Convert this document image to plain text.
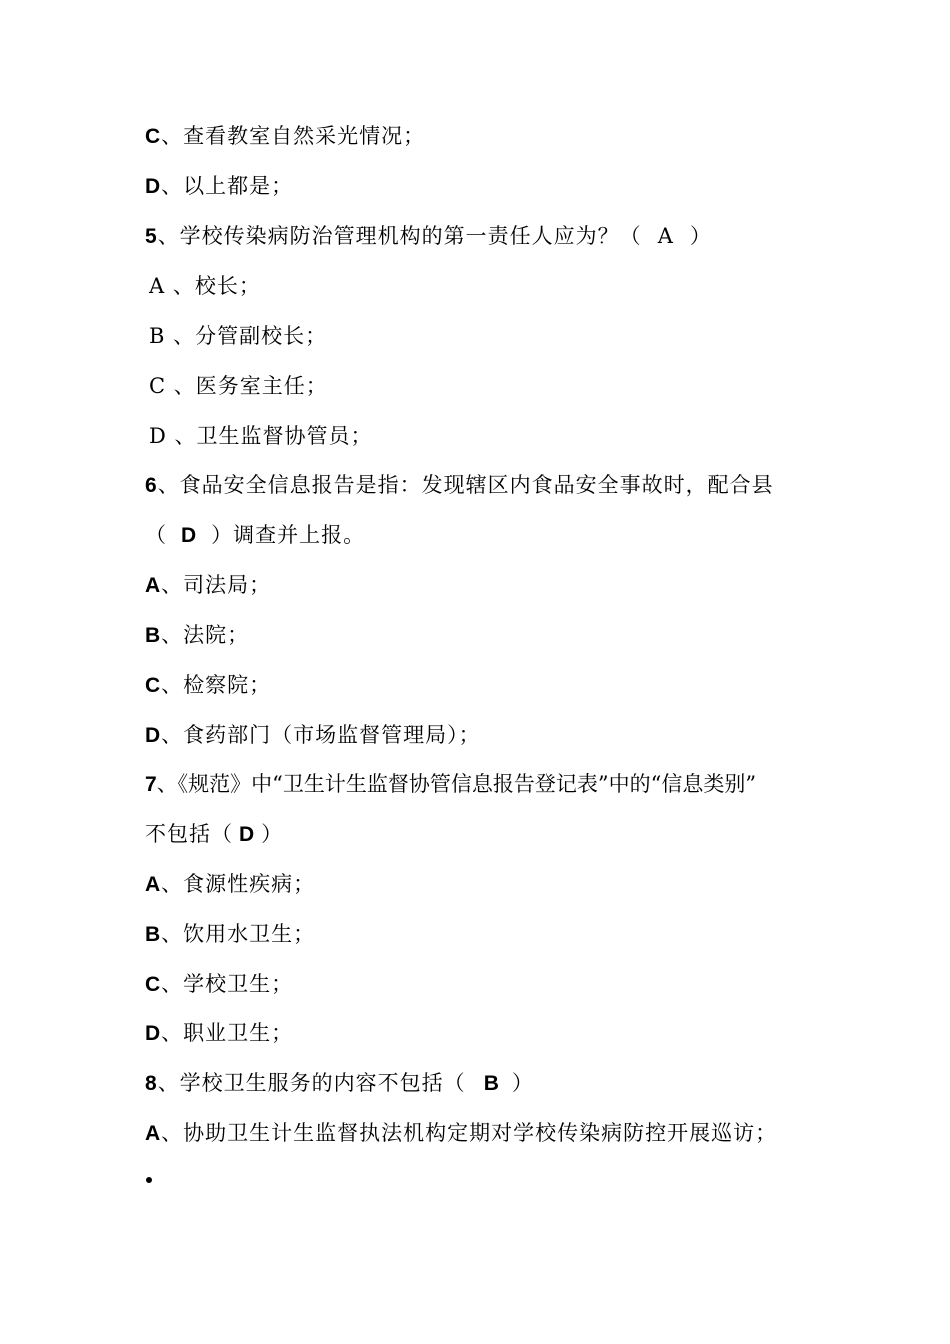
C、查看教室自然采光情况；
D、以上都是；
5、学校传染病防治管理机构的第一责任人应为？（ A ）
A 、校长；
B 、分管副校长；
C 、医务室主任；
D 、卫生监督协管员；
6、食品安全信息报告是指：发现辖区内食品安全事故时，配合县
（ D ）调查并上报。
A、司法局；
B、法院；
C、检察院；
D、食药部门（市场监督管理局）；
7、《规范》中“卫生计生监督协管信息报告登记表”中的“信息类别”
不包括（ D ）
A、食源性疾病；
B、饮用水卫生；
C、学校卫生；
D、职业卫生；
8、学校卫生服务的内容不包括（ B ）
A、协助卫生计生监督执法机构定期对学校传染病防控开展巡访；
